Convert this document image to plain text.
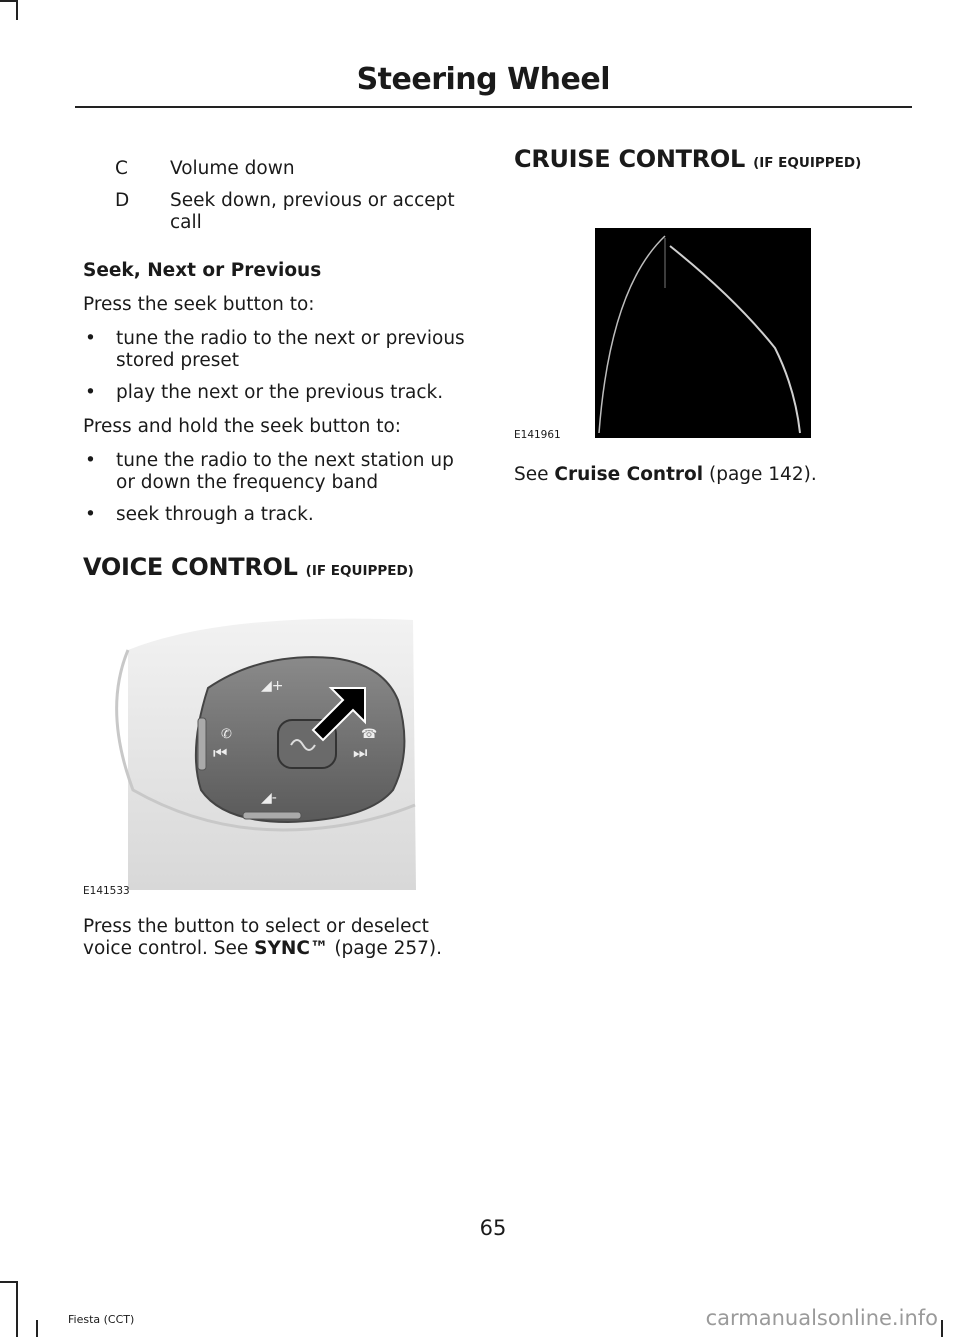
Steering Wheel
C	Volume down
D	Seek down, previous or accept call
Seek, Next or Previous

Press the seek button to:

• tune the radio to the next or previous stored preset
• play the next or the previous track.

Press and hold the seek button to:

• tune the radio to the next station up or down the frequency band
• seek through a track.
VOICE CONTROL (IF EQUIPPED)
◢+
◢-
⏮	⏭
✆	☎
E141533

Press the button to select or deselect voice control. See SYNC™ (page 257).

CRUISE CONTROL (IF EQUIPPED)
E141961

See Cruise Control (page 142).

65
Fiesta (CCT)	carmanualsonline.info
